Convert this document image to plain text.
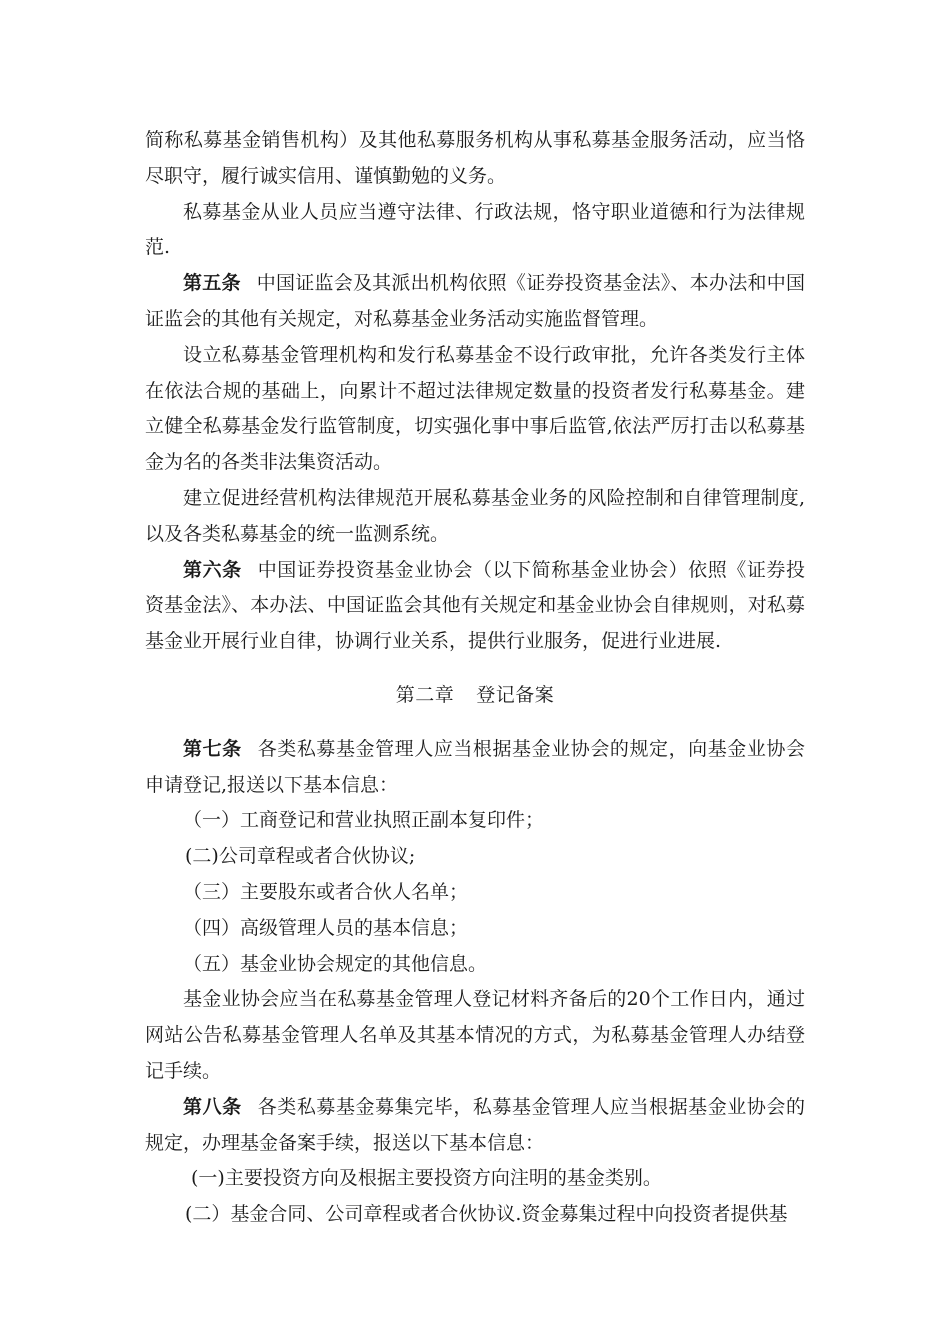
简称私募基金销售机构）及其他私募服务机构从事私募基金服务活动，应当恪尽职守，履行诚实信用、谨慎勤勉的义务。

私募基金从业人员应当遵守法律、行政法规，恪守职业道德和行为法律规范.

第五条 中国证监会及其派出机构依照《证券投资基金法》、本办法和中国证监会的其他有关规定，对私募基金业务活动实施监督管理。

设立私募基金管理机构和发行私募基金不设行政审批，允许各类发行主体在依法合规的基础上，向累计不超过法律规定数量的投资者发行私募基金。建立健全私募基金发行监管制度，切实强化事中事后监管,依法严厉打击以私募基金为名的各类非法集资活动。

建立促进经营机构法律规范开展私募基金业务的风险控制和自律管理制度,以及各类私募基金的统一监测系统。

第六条 中国证券投资基金业协会（以下简称基金业协会）依照《证券投资基金法》、本办法、中国证监会其他有关规定和基金业协会自律规则，对私募基金业开展行业自律，协调行业关系，提供行业服务，促进行业进展.

第二章 登记备案

第七条 各类私募基金管理人应当根据基金业协会的规定，向基金业协会申请登记,报送以下基本信息：

（一）工商登记和营业执照正副本复印件；

(二)公司章程或者合伙协议;

（三）主要股东或者合伙人名单；

（四）高级管理人员的基本信息；

（五）基金业协会规定的其他信息。

基金业协会应当在私募基金管理人登记材料齐备后的20个工作日内，通过网站公告私募基金管理人名单及其基本情况的方式，为私募基金管理人办结登记手续。

第八条 各类私募基金募集完毕，私募基金管理人应当根据基金业协会的规定，办理基金备案手续，报送以下基本信息：

(一)主要投资方向及根据主要投资方向注明的基金类别。

(二）基金合同、公司章程或者合伙协议.资金募集过程中向投资者提供基
